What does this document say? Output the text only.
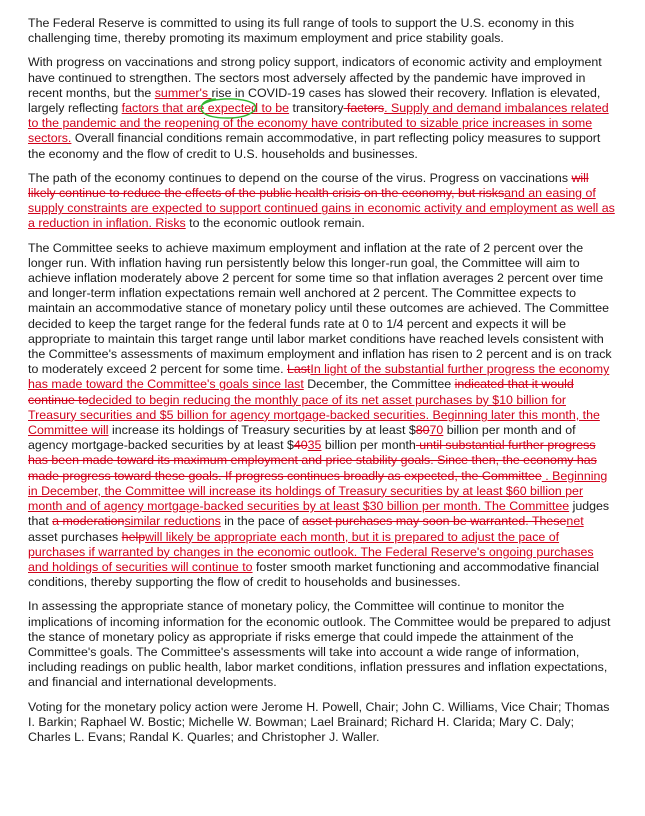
The Federal Reserve is committed to using its full range of tools to support the U.S. economy in this challenging time, thereby promoting its maximum employment and price stability goals.

With progress on vaccinations and strong policy support, indicators of economic activity and employment have continued to strengthen. The sectors most adversely affected by the pandemic have improved in recent months, but the summer's rise in COVID-19 cases has slowed their recovery. Inflation is elevated, largely reflecting factors that are expected
to be transitory factors. Supply and demand imbalances related to the pandemic and the reopening of the economy have contributed to sizable price increases in some sectors. Overall financial conditions remain accommodative, in part reflecting policy measures to support the economy and the flow of credit to U.S. households and businesses.

The path of the economy continues to depend on the course of the virus. Progress on vaccinations will likely continue to reduce the effects of the public health crisis on the economy, but risksand an easing of supply constraints are expected to support continued gains in economic activity and employment as well as a reduction in inflation. Risks to the economic outlook remain.

The Committee seeks to achieve maximum employment and inflation at the rate of 2 percent over the longer run. With inflation having run persistently below this longer-run goal, the Committee will aim to achieve inflation moderately above 2 percent for some time so that inflation averages 2 percent over time and longer-term inflation expectations remain well anchored at 2 percent. The Committee expects to maintain an accommodative stance of monetary policy until these outcomes are achieved. The Committee decided to keep the target range for the federal funds rate at 0 to 1/4 percent and expects it will be appropriate to maintain this target range until labor market conditions have reached levels consistent with the Committee's assessments of maximum employment and inflation has risen to 2 percent and is on track to moderately exceed 2 percent for some time. LastIn light of the substantial further progress the economy has made toward the Committee's goals since last December, the Committee indicated that it would continue todecided to begin reducing the monthly pace of its net asset purchases by $10 billion for Treasury securities and $5 billion for agency mortgage-backed securities. Beginning later this month, the Committee will increase its holdings of Treasury securities by at least $8070 billion per month and of agency mortgage-backed securities by at least $4035 billion per month until substantial further progress has been made toward its maximum employment and price stability goals. Since then, the economy has made progress toward these goals. If progress continues broadly as expected, the Committee . Beginning in December, the Committee will increase its holdings of Treasury securities by at least $60 billion per month and of agency mortgage-backed securities by at least $30 billion per month. The Committee judges that a moderationsimilar reductions in the pace of asset purchases may soon be warranted. Thesenet asset purchases helpwill likely be appropriate each month, but it is prepared to adjust the pace of purchases if warranted by changes in the economic outlook. The Federal Reserve's ongoing purchases and holdings of securities will continue to foster smooth market functioning and accommodative financial conditions, thereby supporting the flow of credit to households and businesses.

In assessing the appropriate stance of monetary policy, the Committee will continue to monitor the implications of incoming information for the economic outlook. The Committee would be prepared to adjust the stance of monetary policy as appropriate if risks emerge that could impede the attainment of the Committee's goals. The Committee's assessments will take into account a wide range of information, including readings on public health, labor market conditions, inflation pressures and inflation expectations, and financial and international developments.

Voting for the monetary policy action were Jerome H. Powell, Chair; John C. Williams, Vice Chair; Thomas I. Barkin; Raphael W. Bostic; Michelle W. Bowman; Lael Brainard; Richard H. Clarida; Mary C. Daly; Charles L. Evans; Randal K. Quarles; and Christopher J. Waller.
